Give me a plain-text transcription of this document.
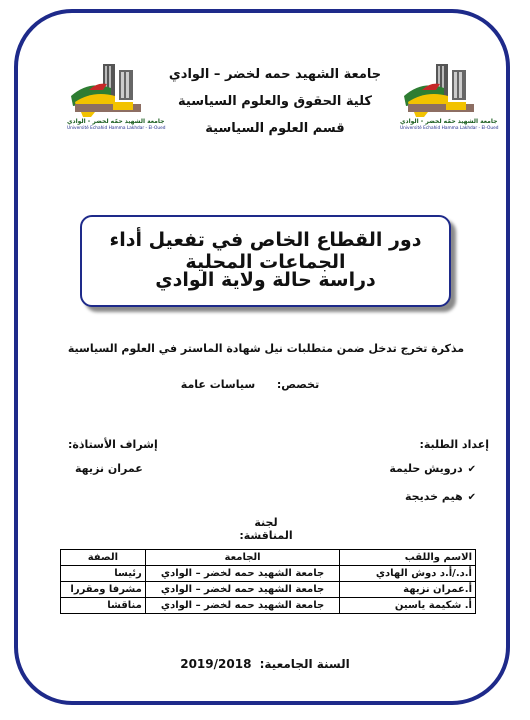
جامعة الشهيد حمّه لخضر - الوادي
Université Echahid Hamma Lakhdar - El-Oued
جامعة الشهيد حمّه لخضر - الوادي
Université Echahid Hamma Lakhdar - El-Oued
جامعة الشهيد حمه لخضر – الوادي
كلية الحقوق والعلوم السياسية
قسم العلوم السياسية
دور القطاع الخاص في تفعيل أداء الجماعات المحلية
دراسة حالة ولاية الوادي
مذكرة تخرج تدخل ضمن متطلبات نيل شهادة الماستر في العلوم السياسية
تخصص:  سياسات عامة
إعداد الطلبة:
✔درويش حليمة
✔هيم خديجة
إشراف الأستاذة:
عمران نزيهة
لجنة المناقشة:
الاسم واللقب	الجامعة	الصفة
أ.د./أ.د دوش الهادي	جامعة الشهيد حمه لخضر – الوادي	رئيسا
أ.عمران نزيهة	جامعة الشهيد حمه لخضر – الوادي	مشرفا ومقررا
أ. شكيمة ياسين	جامعة الشهيد حمه لخضر – الوادي	مناقشا
السنة الجامعية: 2019/2018
